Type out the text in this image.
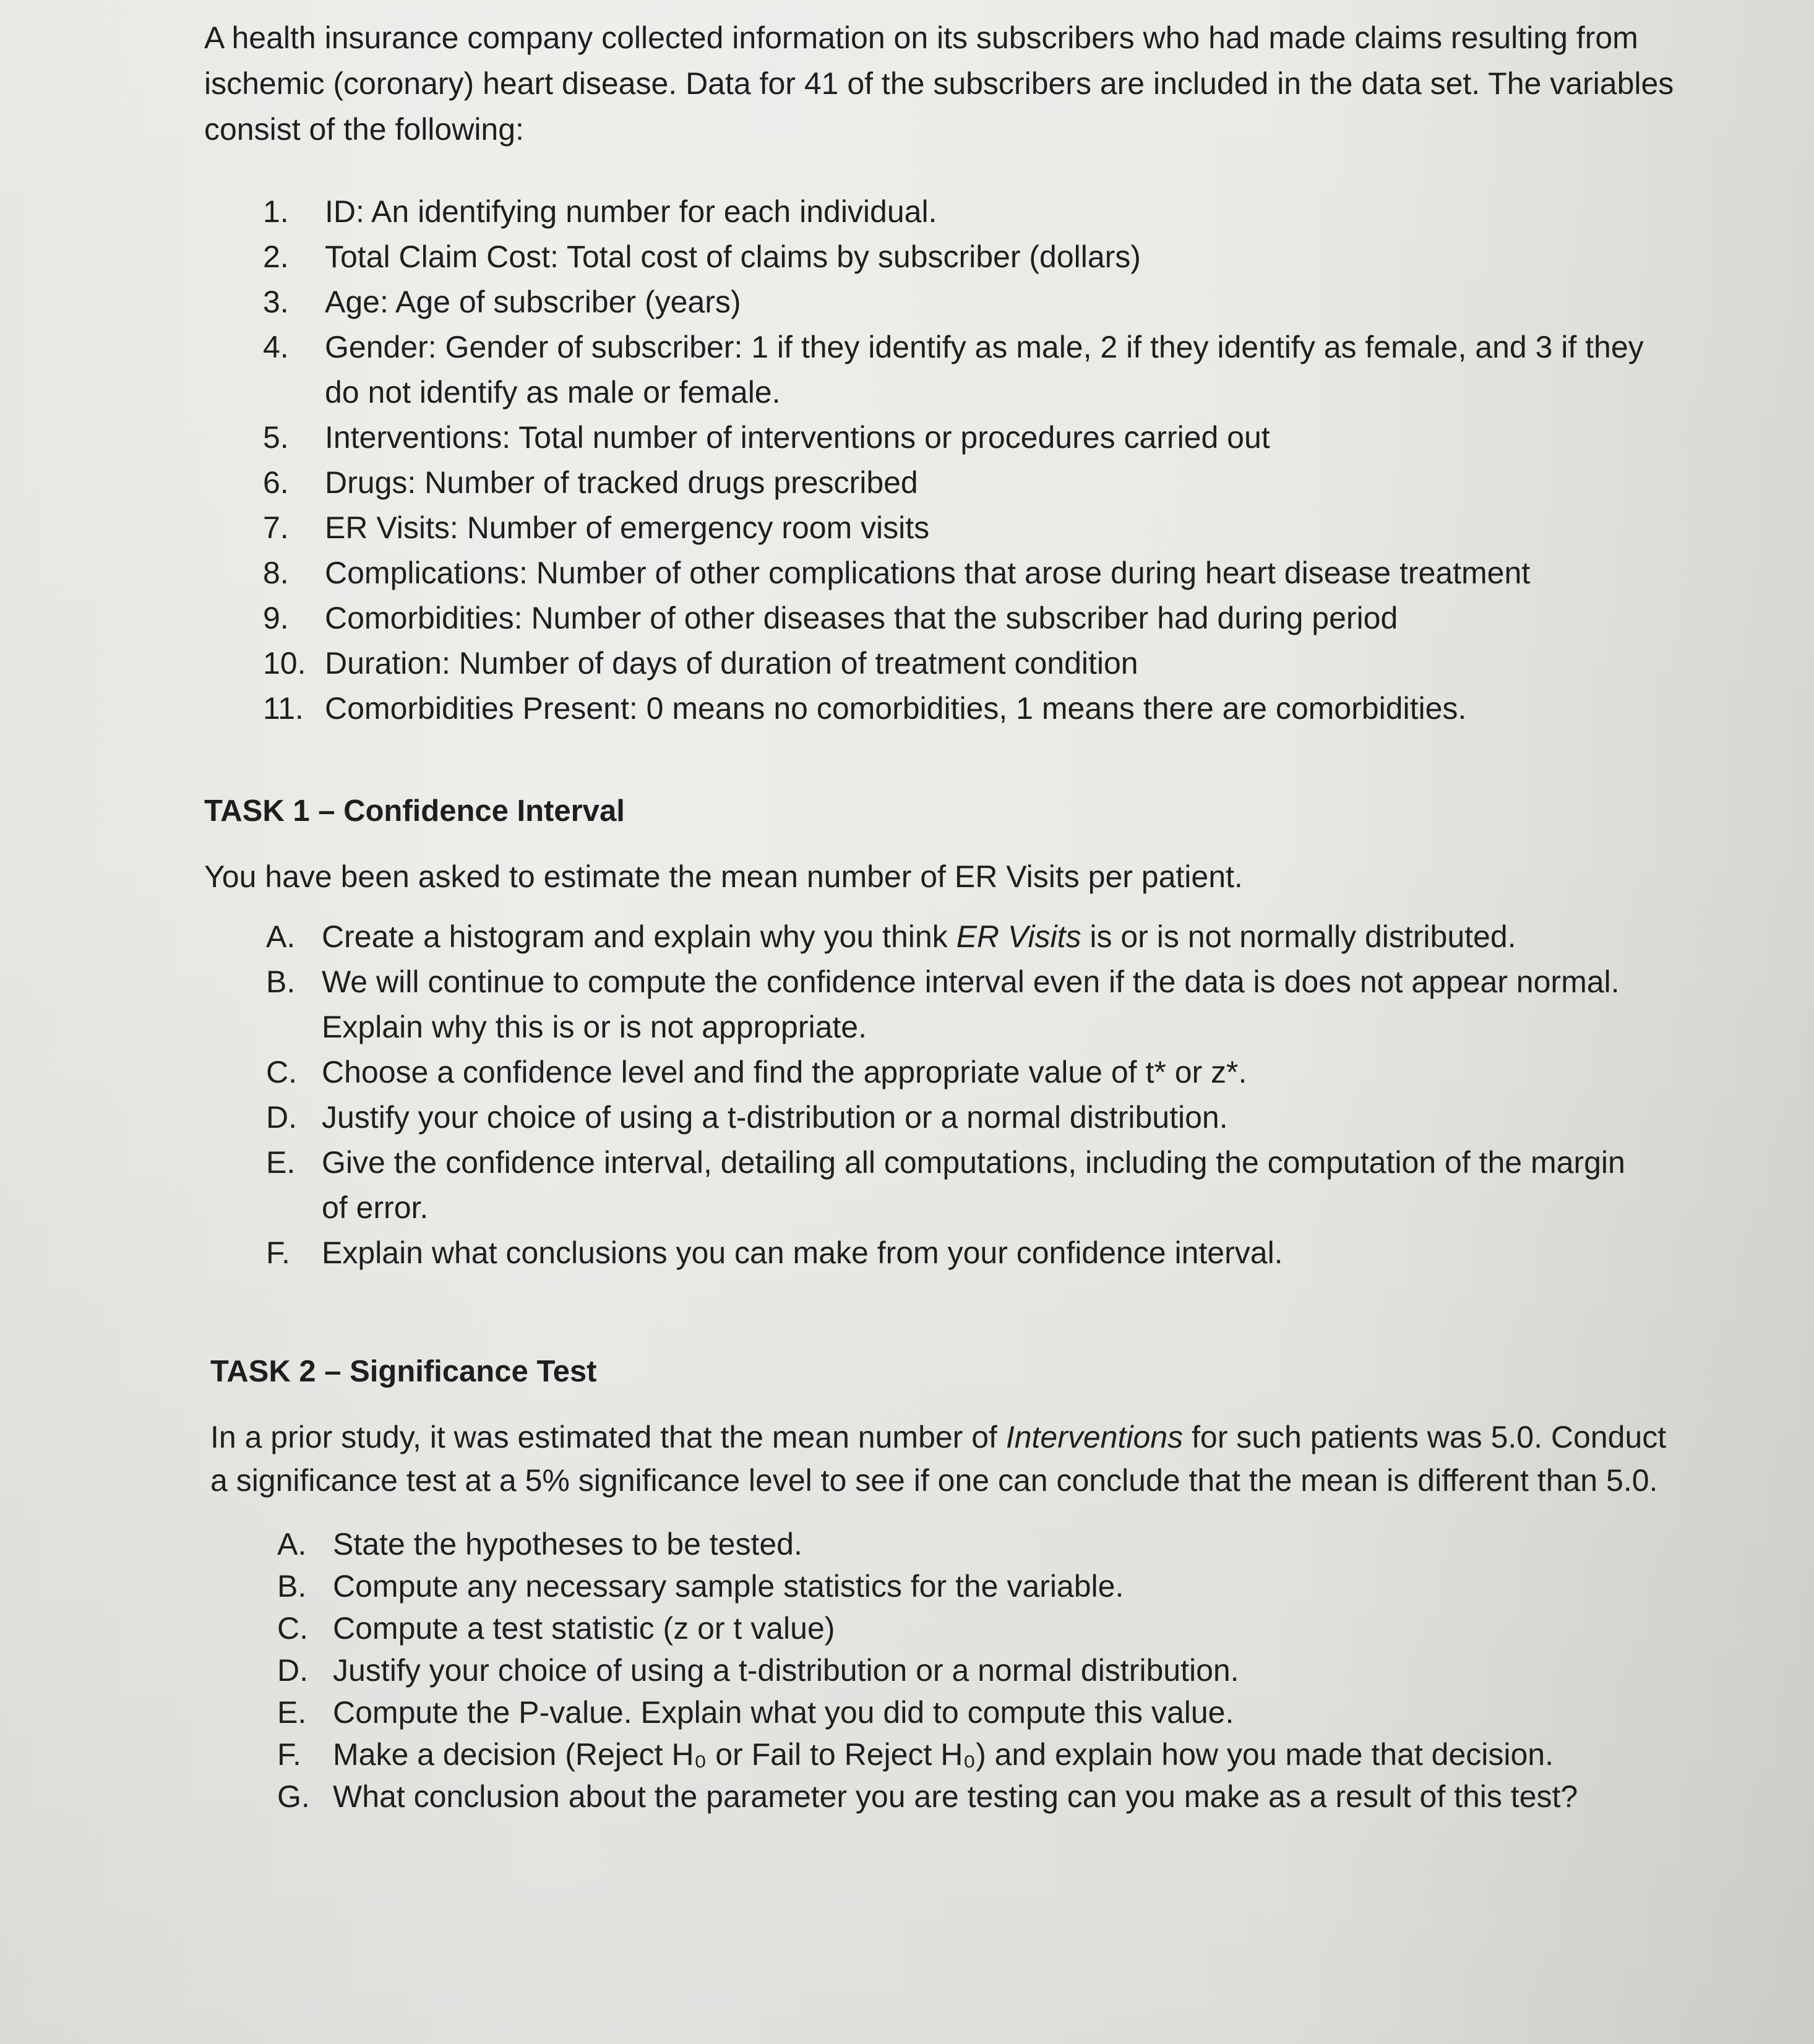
A health insurance company collected information on its subscribers who had made claims resulting from ischemic (coronary) heart disease. Data for 41 of the subscribers are included in the data set. The variables consist of the following:

1.	ID: An identifying number for each individual.
2.	Total Claim Cost: Total cost of claims by subscriber (dollars)
3.	Age: Age of subscriber (years)
4.	Gender: Gender of subscriber: 1 if they identify as male, 2 if they identify as female, and 3 if they do not identify as male or female.
5.	Interventions: Total number of interventions or procedures carried out
6.	Drugs: Number of tracked drugs prescribed
7.	ER Visits: Number of emergency room visits
8.	Complications: Number of other complications that arose during heart disease treatment
9.	Comorbidities: Number of other diseases that the subscriber had during period
10. Duration: Number of days of duration of treatment condition
11. Comorbidities Present: 0 means no comorbidities, 1 means there are comorbidities.
TASK 1 – Confidence Interval

You have been asked to estimate the mean number of ER Visits per patient.

A. Create a histogram and explain why you think ER Visits is or is not normally distributed.
B. We will continue to compute the confidence interval even if the data is does not appear normal. Explain why this is or is not appropriate.
C. Choose a confidence level and find the appropriate value of t* or z*.
D. Justify your choice of using a t-distribution or a normal distribution.
E. Give the confidence interval, detailing all computations, including the computation of the margin of error.
F.	Explain what conclusions you can make from your confidence interval.
TASK 2 – Significance Test

In a prior study, it was estimated that the mean number of Interventions for such patients was 5.0. Conduct a significance test at a 5% significance level to see if one can conclude that the mean is different than 5.0.

A. State the hypotheses to be tested.
B. Compute any necessary sample statistics for the variable.
C. Compute a test statistic (z or t value)
D. Justify your choice of using a t-distribution or a normal distribution.
E. Compute the P-value. Explain what you did to compute this value.
F.	Make a decision (Reject H₀ or Fail to Reject H₀) and explain how you made that decision.
G. What conclusion about the parameter you are testing can you make as a result of this test?
